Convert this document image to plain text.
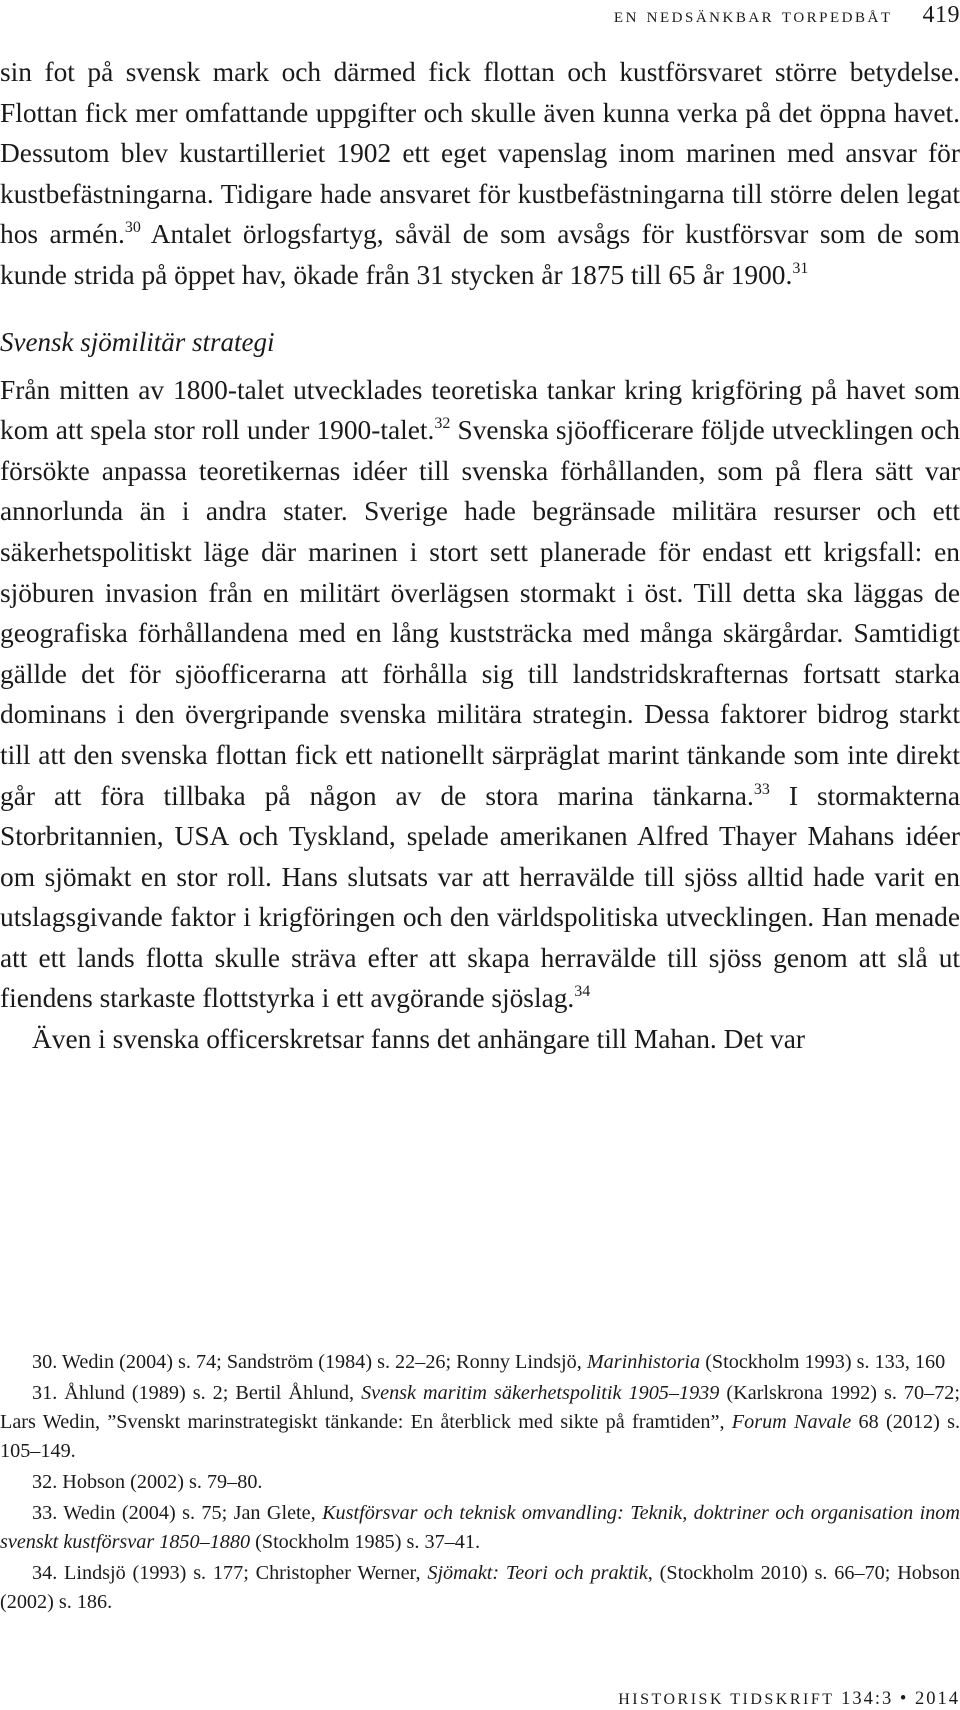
en nedsänkbar torpedbåt 419

sin fot på svensk mark och därmed fick flottan och kustförsvaret större betydelse. Flottan fick mer omfattande uppgifter och skulle även kunna verka på det öppna havet. Dessutom blev kustartilleriet 1902 ett eget vapenslag inom marinen med ansvar för kustbefästningarna. Tidigare hade ansvaret för kustbefästningarna till större delen legat hos armén.$^{30}$ Antalet örlogsfartyg, såväl de som avsågs för kustförsvar som de som kunde strida på öppet hav, ökade från 31 stycken år 1875 till 65 år 1900.31

Svensk sjömilitär strategi

Från mitten av 1800-talet utvecklades teoretiska tankar kring krigföring på havet som kom att spela stor roll under 1900-talet.$^{32}$ Svenska sjöofficerare följde utvecklingen och försökte anpassa teoretikernas idéer till svenska förhållanden, som på flera sätt var annorlunda än i andra stater. Sverige hade begränsade militära resurser och ett säkerhetspolitiskt läge där marinen i stort sett planerade för endast ett krigsfall: en sjöburen invasion från en militärt överlägsen stormakt i öst. Till detta ska läggas de geografiska förhållandena med en lång kuststräcka med många skärgårdar. Samtidigt gällde det för sjöofficerarna att förhålla sig till landstridskrafternas fortsatt starka dominans i den övergripande svenska militära strategin. Dessa faktorer bidrog starkt till att den svenska flottan fick ett nationellt särpräglat marint tänkande som inte direkt går att föra tillbaka på någon av de stora marina tänkarna.$^{33}$ I stormakterna Storbritannien, USA och Tyskland, spelade amerikanen Alfred Thayer Mahans idéer om sjömakt en stor roll. Hans slutsats var att herravälde till sjöss alltid hade varit en utslagsgivande faktor i krigföringen och den världspolitiska utvecklingen. Han menade att ett lands flotta skulle sträva efter att skapa herravälde till sjöss genom att slå ut fiendens starkaste flottstyrka i ett avgörande sjöslag.$^{34}$

Även i svenska officerskretsar fanns det anhängare till Mahan. Det var

30. Wedin (2004) s. 74; Sandström (1984) s. 22–26; Ronny Lindsjö, Marinhistoria (Stockholm 1993) s. 133, 160

31. Åhlund (1989) s. 2; Bertil Åhlund, Svensk maritim säkerhetspolitik 1905–1939 (Karlskrona 1992) s. 70–72; Lars Wedin, ”Svenskt marinstrategiskt tänkande: En återblick med sikte på framtiden”, Forum Navale 68 (2012) s. 105–149.

32. Hobson (2002) s. 79–80.

33. Wedin (2004) s. 75; Jan Glete, Kustförsvar och teknisk omvandling: Teknik, doktriner och organisation inom svenskt kustförsvar 1850–1880 (Stockholm 1985) s. 37–41.

34. Lindsjö (1993) s. 177; Christopher Werner, Sjömakt: Teori och praktik, (Stockholm 2010) s. 66–70; Hobson (2002) s. 186.

HISTORISK TIDSKRIFT 134:3 • 2014
